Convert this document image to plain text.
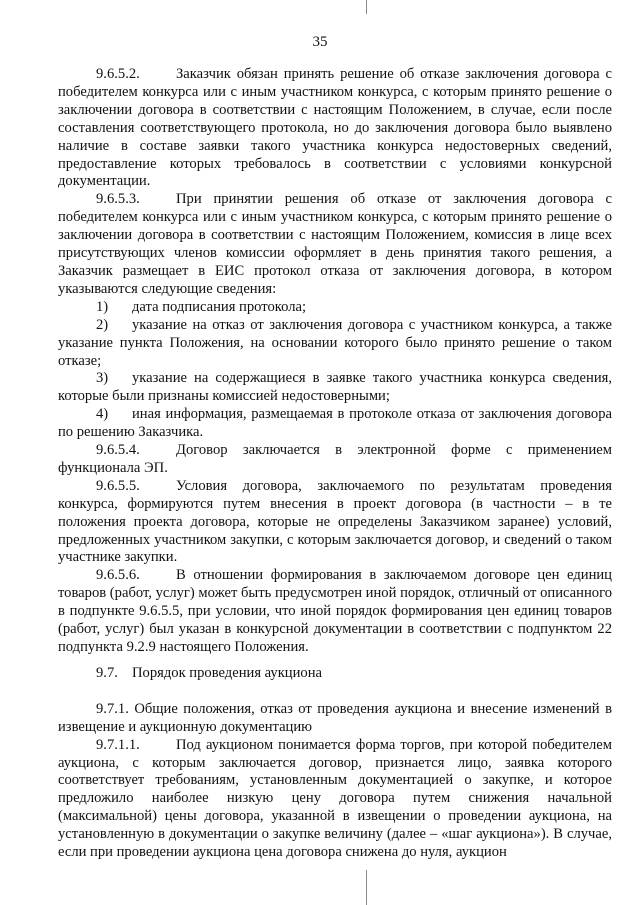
35

9.6.5.2. Заказчик обязан принять решение об отказе заключения договора с победителем конкурса или с иным участником конкурса, с которым принято решение о заключении договора в соответствии с настоящим Положением, в случае, если после составления соответствующего протокола, но до заключения договора было выявлено наличие в составе заявки такого участника конкурса недостоверных сведений, предоставление которых требовалось в соответствии с условиями конкурсной документации.

9.6.5.3. При принятии решения об отказе от заключения договора с победителем конкурса или с иным участником конкурса, с которым принято решение о заключении договора в соответствии с настоящим Положением, комиссия в лице всех присутствующих членов комиссии оформляет в день принятия такого решения, а Заказчик размещает в ЕИС протокол отказа от заключения договора, в котором указываются следующие сведения:

1) дата подписания протокола;

2) указание на отказ от заключения договора с участником конкурса, а также указание пункта Положения, на основании которого было принято решение о таком отказе;

3) указание на содержащиеся в заявке такого участника конкурса сведения, которые были признаны комиссией недостоверными;

4) иная информация, размещаемая в протоколе отказа от заключения договора по решению Заказчика.

9.6.5.4. Договор заключается в электронной форме с применением функционала ЭП.

9.6.5.5. Условия договора, заключаемого по результатам проведения конкурса, формируются путем внесения в проект договора (в частности – в те положения проекта договора, которые не определены Заказчиком заранее) условий, предложенных участником закупки, с которым заключается договор, и сведений о таком участнике закупки.

9.6.5.6. В отношении формирования в заключаемом договоре цен единиц товаров (работ, услуг) может быть предусмотрен иной порядок, отличный от описанного в подпункте 9.6.5.5, при условии, что иной порядок формирования цен единиц товаров (работ, услуг) был указан в конкурсной документации в соответствии с подпунктом 22 подпункта 9.2.9 настоящего Положения.

9.7. Порядок проведения аукциона

9.7.1. Общие положения, отказ от проведения аукциона и внесение изменений в извещение и аукционную документацию

9.7.1.1. Под аукционом понимается форма торгов, при которой победителем аукциона, с которым заключается договор, признается лицо, заявка которого соответствует требованиям, установленным документацией о закупке, и которое предложило наиболее низкую цену договора путем снижения начальной (максимальной) цены договора, указанной в извещении о проведении аукциона, на установленную в документации о закупке величину (далее – «шаг аукциона»). В случае, если при проведении аукциона цена договора снижена до нуля, аукцион
